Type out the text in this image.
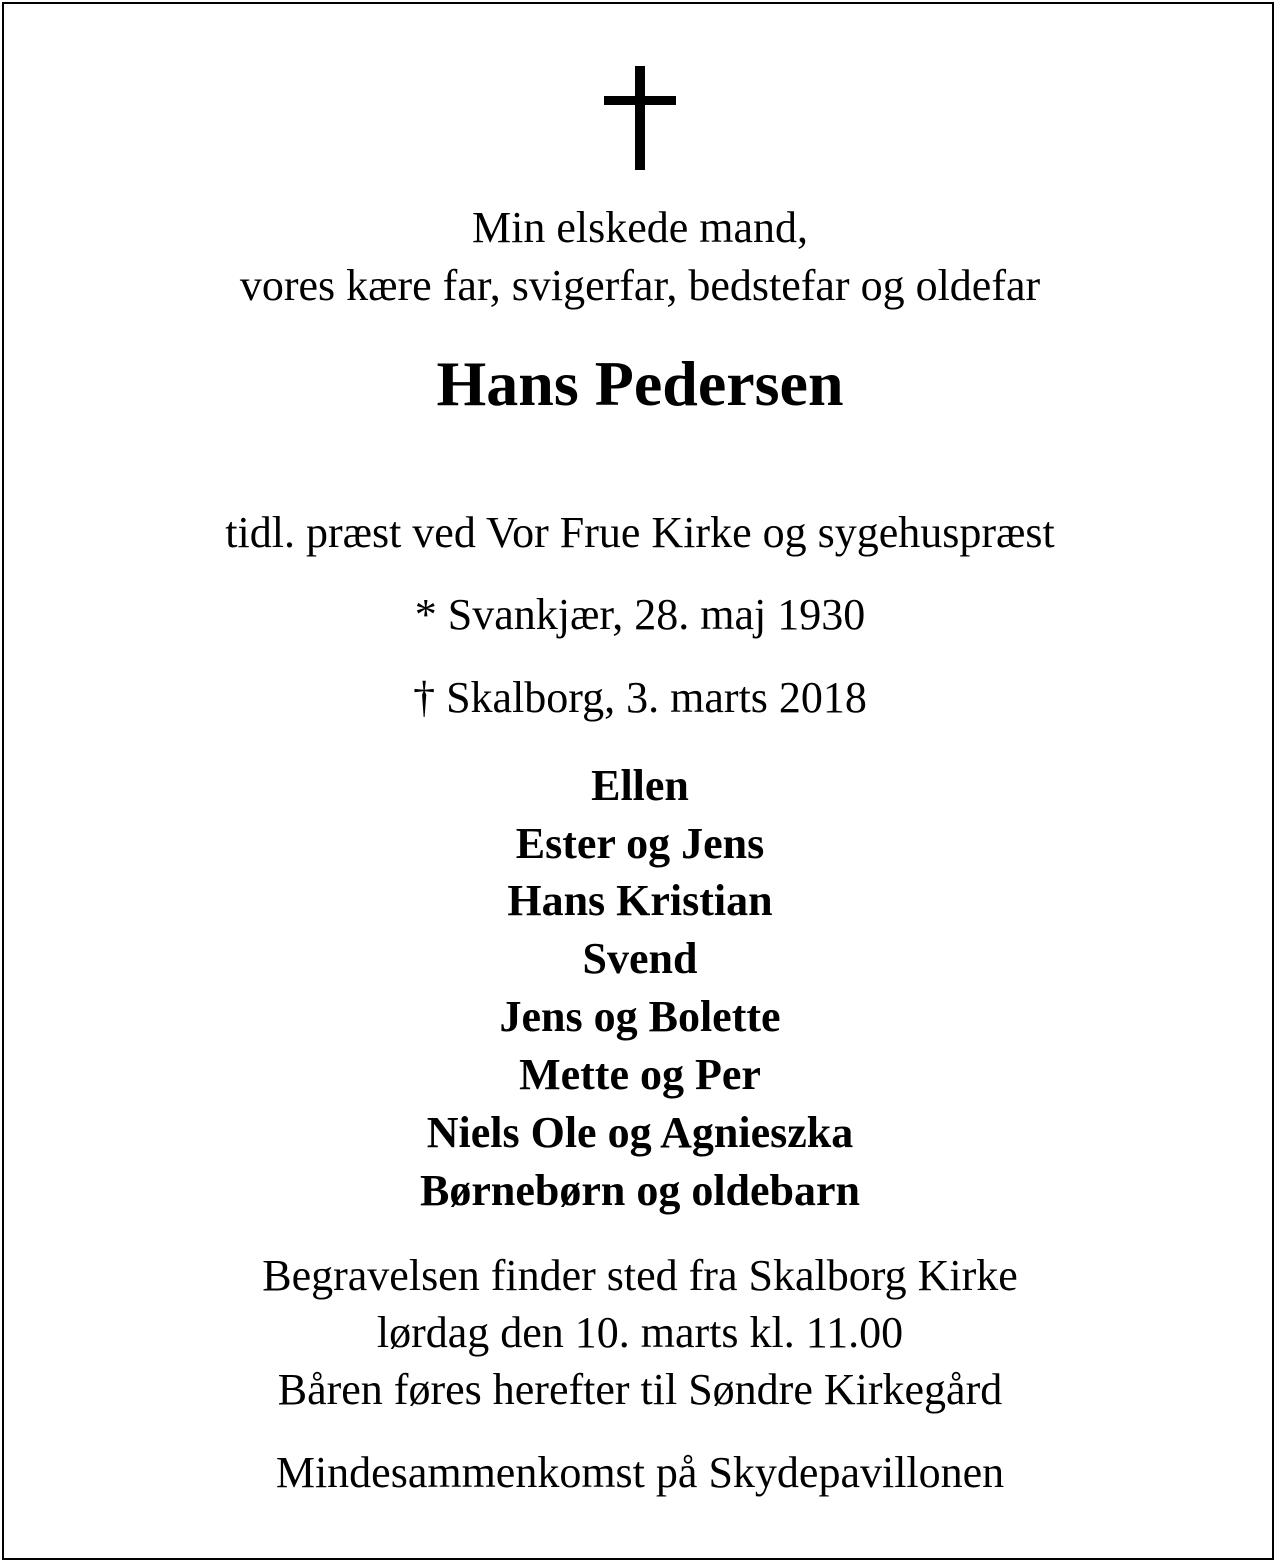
Min elskede mand,
vores kære far, svigerfar, bedstefar og oldefar
Hans Pedersen
tidl. præst ved Vor Frue Kirke og sygehuspræst
* Svankjær, 28. maj 1930
† Skalborg, 3. marts 2018
Ellen
Ester og Jens
Hans Kristian
Svend
Jens og Bolette
Mette og Per
Niels Ole og Agnieszka
Børnebørn og oldebarn
Begravelsen finder sted fra Skalborg Kirke
lørdag den 10. marts kl. 11.00
Båren føres herefter til Søndre Kirkegård
Mindesammenkomst på Skydepavillonen
